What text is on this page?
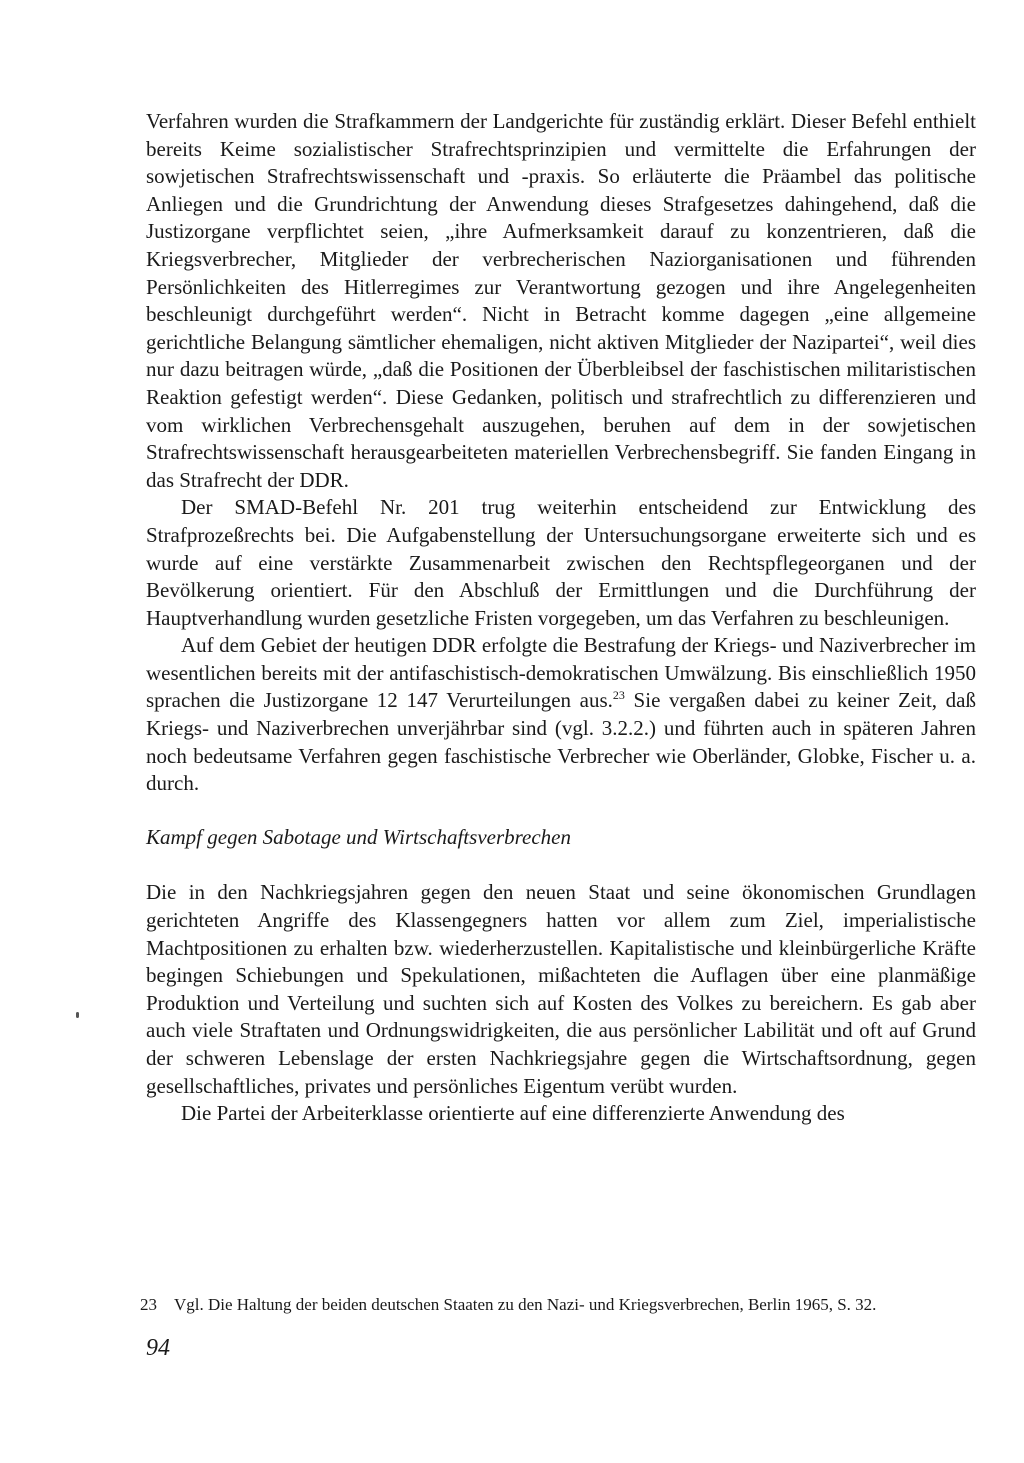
Verfahren wurden die Strafkammern der Landgerichte für zuständig erklärt. Dieser Befehl enthielt bereits Keime sozialistischer Strafrechtsprinzipien und vermittelte die Erfahrungen der sowjetischen Strafrechtswissenschaft und -praxis. So erläuterte die Präambel das politische Anliegen und die Grundrichtung der Anwendung dieses Strafgesetzes dahingehend, daß die Justizorgane verpflichtet seien, „ihre Aufmerksamkeit darauf zu konzentrieren, daß die Kriegsverbrecher, Mitglieder der verbrecherischen Naziorganisationen und führenden Persönlichkeiten des Hitlerregimes zur Verantwortung gezogen und ihre Angelegenheiten beschleunigt durchgeführt werden“. Nicht in Betracht komme dagegen „eine allgemeine gerichtliche Belangung sämtlicher ehemaligen, nicht aktiven Mitglieder der Nazipartei“, weil dies nur dazu beitragen würde, „daß die Positionen der Überbleibsel der faschistischen militaristischen Reaktion gefestigt werden“. Diese Gedanken, politisch und strafrechtlich zu differenzieren und vom wirklichen Verbrechensgehalt auszugehen, beruhen auf dem in der sowjetischen Strafrechtswissenschaft herausgearbeiteten materiellen Verbrechensbegriff. Sie fanden Eingang in das Strafrecht der DDR.

Der SMAD-Befehl Nr. 201 trug weiterhin entscheidend zur Entwicklung des Strafprozeßrechts bei. Die Aufgabenstellung der Untersuchungsorgane erweiterte sich und es wurde auf eine verstärkte Zusammenarbeit zwischen den Rechtspflegeorganen und der Bevölkerung orientiert. Für den Abschluß der Ermittlungen und die Durchführung der Hauptverhandlung wurden gesetzliche Fristen vorgegeben, um das Verfahren zu beschleunigen.

Auf dem Gebiet der heutigen DDR erfolgte die Bestrafung der Kriegs- und Naziverbrecher im wesentlichen bereits mit der antifaschistisch-demokratischen Umwälzung. Bis einschließlich 1950 sprachen die Justizorgane 12 147 Verurteilungen aus.$^{23}$ Sie vergaßen dabei zu keiner Zeit, daß Kriegs- und Naziverbrechen unverjährbar sind (vgl. 3.2.2.) und führten auch in späteren Jahren noch bedeutsame Verfahren gegen faschistische Verbrecher wie Oberländer, Globke, Fischer u. a. durch.

Kampf gegen Sabotage und Wirtschaftsverbrechen

Die in den Nachkriegsjahren gegen den neuen Staat und seine ökonomischen Grundlagen gerichteten Angriffe des Klassengegners hatten vor allem zum Ziel, imperialistische Machtpositionen zu erhalten bzw. wiederherzustellen. Kapitalistische und kleinbürgerliche Kräfte begingen Schiebungen und Spekulationen, mißachteten die Auflagen über eine planmäßige Produktion und Verteilung und suchten sich auf Kosten des Volkes zu bereichern. Es gab aber auch viele Straftaten und Ordnungswidrigkeiten, die aus persönlicher Labilität und oft auf Grund der schweren Lebenslage der ersten Nachkriegsjahre gegen die Wirtschaftsordnung, gegen gesellschaftliches, privates und persönliches Eigentum verübt wurden.

Die Partei der Arbeiterklasse orientierte auf eine differenzierte Anwendung des

23 Vgl. Die Haltung der beiden deutschen Staaten zu den Nazi- und Kriegsverbrechen, Berlin 1965, S. 32.
94
